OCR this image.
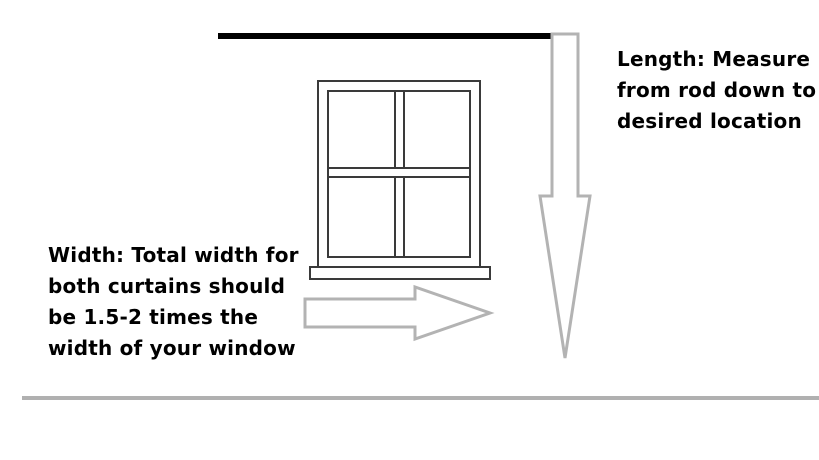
Length: Measure from rod down to desired location
Width: Total width for both curtains should be 1.5-2 times the width of your window
